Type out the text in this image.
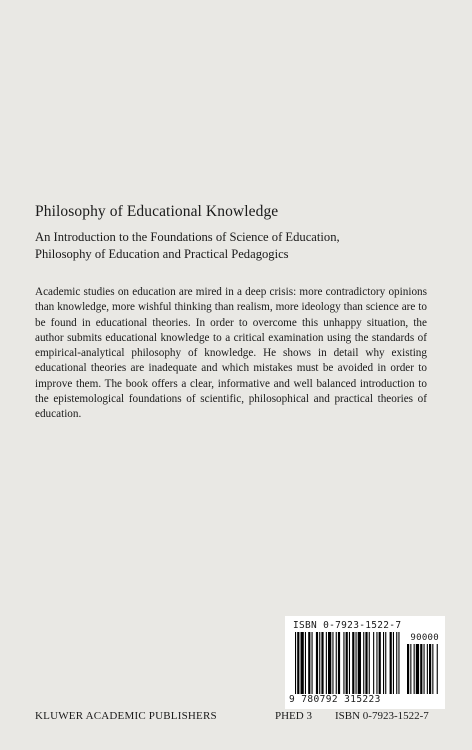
Philosophy of Educational Knowledge
An Introduction to the Foundations of Science of Education,
Philosophy of Education and Practical Pedagogics
Academic studies on education are mired in a deep crisis: more contradictory opinions than knowledge, more wishful thinking than realism, more ideology than science are to be found in educational theories. In order to overcome this unhappy situation, the author submits educational knowledge to a critical examination using the standards of empirical-analytical philosophy of knowledge. He shows in detail why existing educational theories are inadequate and which mistakes must be avoided in order to improve them. The book offers a clear, informative and well balanced introduction to the epistemological foundations of scientific, philosophical and practical theories of education.
ISBN 0-7923-1522-7
90000
9 780792 315223
KLUWER ACADEMIC PUBLISHERS	PHED 3 ISBN 0-7923-1522-7
